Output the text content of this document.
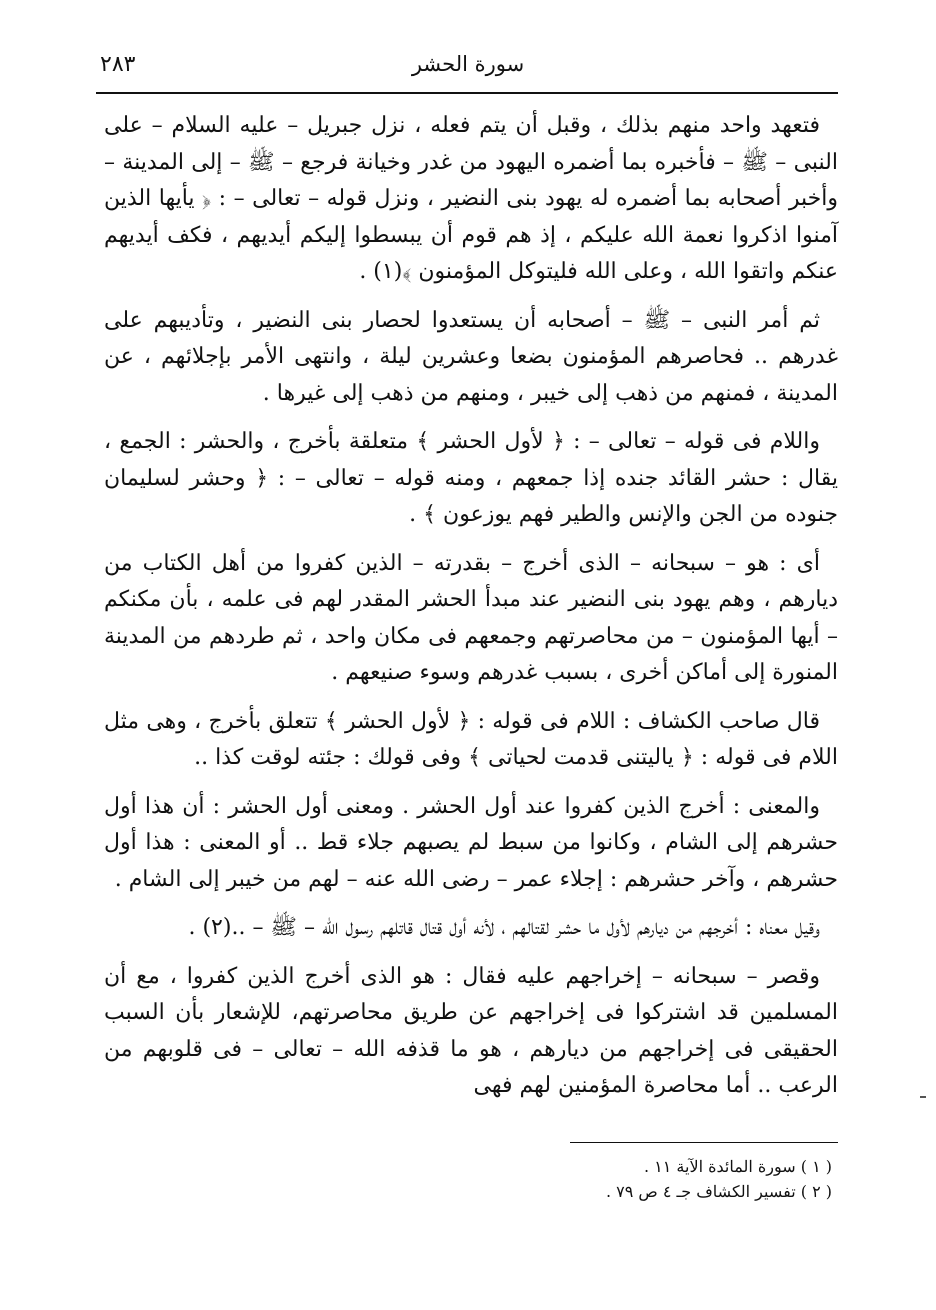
سورة الحشر
٢٨٣

فتعهد واحد منهم بذلك ، وقبل أن يتم فعله ، نزل جبريل – عليه السلام – على النبى – ﷺ – فأخبره بما أضمره اليهود من غدر وخيانة فرجع – ﷺ – إلى المدينة – وأخبر أصحابه بما أضمره له يهود بنى النضير ، ونزل قوله – تعالى – : ﴿ يأيها الذين آمنوا اذكروا نعمة الله عليكم ، إذ هم قوم أن يبسطوا إليكم أيديهم ، فكف أيديهم عنكم واتقوا الله ، وعلى الله فليتوكل المؤمنون ﴾(١) .

ثم أمر النبى – ﷺ – أصحابه أن يستعدوا لحصار بنى النضير ، وتأديبهم على غدرهم .. فحاصرهم المؤمنون بضعا وعشرين ليلة ، وانتهى الأمر بإجلائهم ، عن المدينة ، فمنهم من ذهب إلى خيبر ، ومنهم من ذهب إلى غيرها .

واللام فى قوله – تعالى – : ﴿ لأول الحشر ﴾ متعلقة بأخرج ، والحشر : الجمع ، يقال : حشر القائد جنده إذا جمعهم ، ومنه قوله – تعالى – : ﴿ وحشر لسليمان جنوده من الجن والإنس والطير فهم يوزعون ﴾ .

أى : هو – سبحانه – الذى أخرج – بقدرته – الذين كفروا من أهل الكتاب من ديارهم ، وهم يهود بنى النضير عند مبدأ الحشر المقدر لهم فى علمه ، بأن مكنكم – أيها المؤمنون – من محاصرتهم وجمعهم فى مكان واحد ، ثم طردهم من المدينة المنورة إلى أماكن أخرى ، بسبب غدرهم وسوء صنيعهم .

قال صاحب الكشاف : اللام فى قوله : ﴿ لأول الحشر ﴾ تتعلق بأخرج ، وهى مثل اللام فى قوله : ﴿ ياليتنى قدمت لحياتى ﴾ وفى قولك : جئته لوقت كذا ..

والمعنى : أخرج الذين كفروا عند أول الحشر . ومعنى أول الحشر : أن هذا أول حشرهم إلى الشام ، وكانوا من سبط لم يصبهم جلاء قط .. أو المعنى : هذا أول حشرهم ، وآخر حشرهم : إجلاء عمر – رضى الله عنه – لهم من خيبر إلى الشام .

وقيل معناه : أخرجهم من ديارهم لأول ما حشر لقتالهم ، لأنه أول قتال قاتلهم رسول الله – ﷺ – ..(٢) .

وقصر – سبحانه – إخراجهم عليه فقال : هو الذى أخرج الذين كفروا ، مع أن المسلمين قد اشتركوا فى إخراجهم عن طريق محاصرتهم، للإشعار بأن السبب الحقيقى فى إخراجهم من ديارهم ، هو ما قذفه الله – تعالى – فى قلوبهم من الرعب .. أما محاصرة المؤمنين لهم فهى

( ١ ) سورة المائدة الآية ١١ .
( ٢ ) تفسير الكشاف جـ ٤ ص ٧٩ .
